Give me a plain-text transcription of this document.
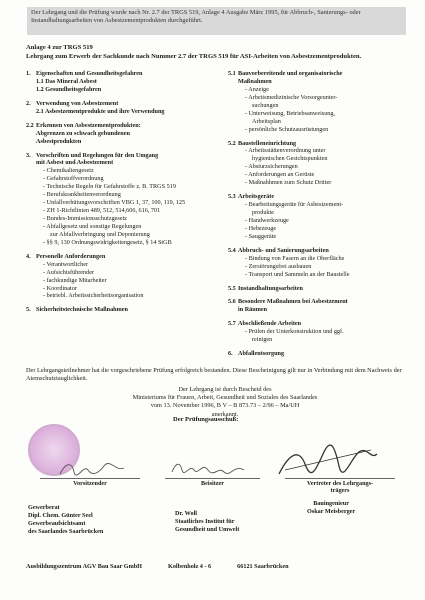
Der Lehrgang und die Prüfung wurde nach Nr. 2.7 der TRGS 519, Anlage 4 Ausgabe März 1995, für Abbruch-, Sanierungs- oder Instandhaltungsarbeiten von Asbestzementprodukten durchgeführt.
Anlage 4 zur TRGS 519
Lehrgang zum Erwerb der Sachkunde nach Nummer 2.7 der TRGS 519 für ASI-Arbeiten von Asbestzementprodukten.
1. Eigenschaften und Gesundheitsgefahren
1.1 Das Mineral Asbest
1.2 Gesundheitsgefahren
2. Verwendung von Asbestzement
2.1 Asbestzementprodukte und ihre Verwendung
2.2 Erkennen von Asbestzementprodukten:
Abgrenzen zu schwach gebundenen
Asbestprodukten
3. Vorschriften und Regelungen für den Umgang
mit Asbest und Asbestzement
- Chemikaliengesetz
- Gefahrstoffverordnung
- Technische Regeln für Gefahrstoffe z. B. TRGS 519
- Berufskrankheitenverordnung
- Unfallverhütungsvorschriften VBG 1, 37, 100, 119, 125
- ZH 1-Richtlinien 489, 512, 514,606, 616, 701
- Bundes-Immissionsschutzgesetz
- Abfallgesetz und sonstige Regelungen
zur Abfallverbringung und Deponierung
- §§ 9, 130 Ordnungswidrigkeitengesetz, § 14 StGB
4. Personelle Anforderungen
- Verantwortlicher
- Aufsichtsführender
- fachkundige Mitarbeiter
- Koordinator
- betriebl. Arbeitssicherheitsorganisation
5. Sicherheitstechnische Maßnahmen
5.1 Bauvorbereitende und organisatorische
Maßnahmen
- Anzeige
- Arbeitsmedizinische Vorsorgeunter-
suchungen
- Unterweisung, Betriebsanweisung,
Arbeitsplan
- persönliche Schutzausrüstungen
5.2 Baustelleneinrichtung
- Arbeitsstättenverordnung unter
hygienischen Gesichtspunkten
- Absturzsicherungen
- Anforderungen an Gerüste
- Maßnahhmen zum Schutz Dritter
5.3 Arbeitsgeräte
- Bearbeitungsgeräte für Asbestzement-
produkte
- Handwerkzeuge
- Hebezeuge
- Sauggeräte
5.4 Abbruch- und Sanierungsarbeiten
- Bindung von Fasern an die Oberfläche
- Zerstörungsfrei ausbauen
- Transport und Sammeln an der Baustelle
5.5 Instandhaltungsarbeiten
5.6 Besondere Maßnahmen bei Asbestzement
in Räumen
5.7 Abschließende Arbeiten
- Prüfen der Unterkonstruktion und ggf.
reinigen
6. Abfallentsorgung
Der Lehrgangsteilnehmer hat die vorgeschriebene Prüfung erfolgreich bestanden. Diese Bescheinigung gilt nur in Verbindung mit dem Nachweis der Atemschutztauglichkeit.
Der Lehrgang ist durch Bescheid des
Ministeriums für Frauen, Arbeit, Gesundheit und Soziales des Saarlandes
vom 13. November 1996, B V – B 873.73 – 2/96 – Ma/UH
anerkannt.
Der Prüfungsausschuß:
Vorsitzender	Beisitzer	Vertreter des Lehrgangs-
trägers
Gewerberat
Dipl. Chem. Günter Seel
Gewerbeaufsichtsamt
des Saarlandes Saarbrücken
Dr. Woll
Staatliches Institut für
Gesundheit und Umwelt
Bauingenieur
Oskar Meisberger
Ausbildungszentrum AGV Bau Saar GmbH	Kolbenholz 4 - 6	66121 Saarbrücken
